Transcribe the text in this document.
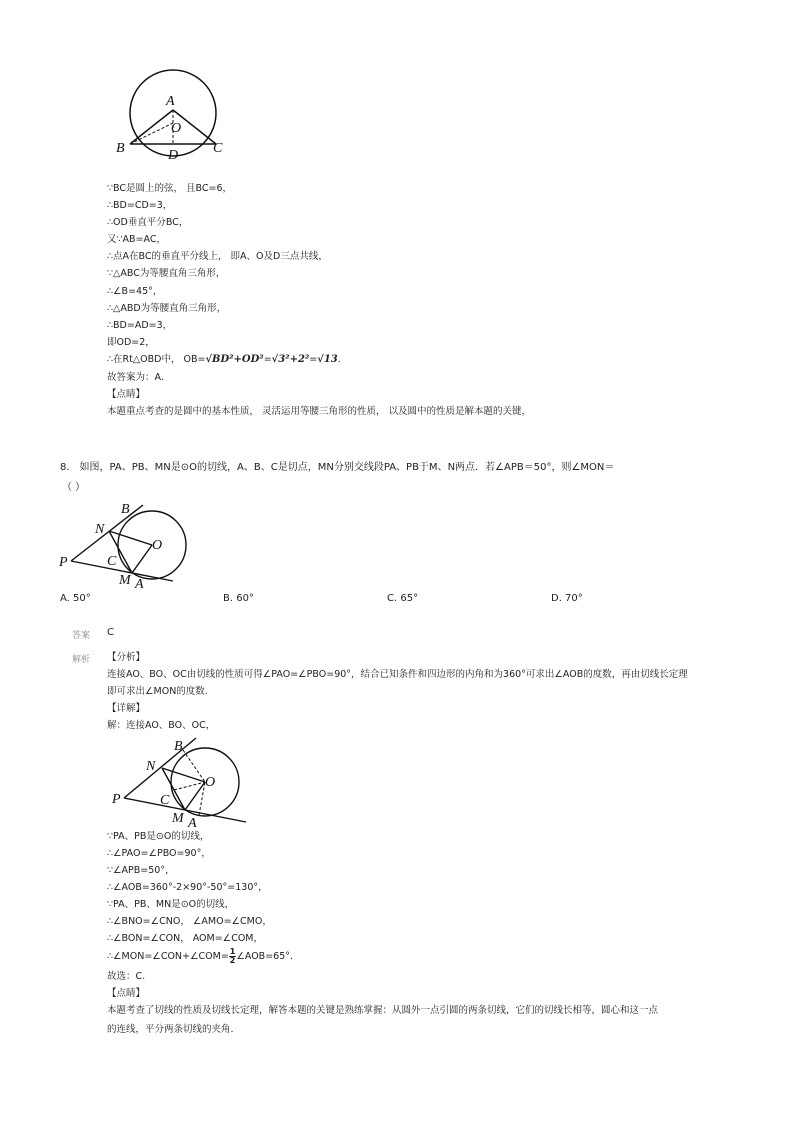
A
O
B	C
D
∵BC是圆上的弦， 且BC=6，
∴BD=CD=3，
∴OD垂直平分BC，
又∵AB=AC，
∴点A在BC的垂直平分线上， 即A、O及D三点共线，
∵△ABC为等腰直角三角形，
∴∠B=45°，
∴△ABD为等腰直角三角形，
∴BD=AD=3，
即OD=2，
∴在Rt△OBD中， OB=√BD²+OD²=√3²+2²=√13.
故答案为：A.
【点睛】
本题重点考查的是圆中的基本性质， 灵活运用等腰三角形的性质， 以及圆中的性质是解本题的关键，
8． 如图，PA、PB、MN是⊙O的切线，A、B、C是切点，MN分别交线段PA、PB于M、N两点．若∠APB＝50°，则∠MON＝
（ ）
B
N
O
C
P
M A
A. 50°	B. 60°	C. 65°	D. 70°
答案 C
解析 【分析】
连接AO、BO、OC由切线的性质可得∠PAO=∠PBO=90°，结合已知条件和四边形的内角和为360°可求出∠AOB的度数，再由切线长定理
即可求出∠MON的度数.
【详解】
解：连接AO、BO、OC，
B
N
O
C
P
M A
∵PA、PB是⊙O的切线，
∴∠PAO=∠PBO=90°，
∵∠APB=50°，
∴∠AOB=360°-2×90°-50°=130°，
∵PA、PB、MN是⊙O的切线，
∴∠BNO=∠CNO， ∠AMO=∠CMO，
∴∠BON=∠CON， AOM=∠COM，
∴∠MON=∠CON+∠COM= $\frac{1}{2}$ ∠AOB=65°．
故选：C.
【点睛】
本题考查了切线的性质及切线长定理，解答本题的关键是熟练掌握：从圆外一点引圆的两条切线，它们的切线长相等，圆心和这一点
的连线，平分两条切线的夹角.
